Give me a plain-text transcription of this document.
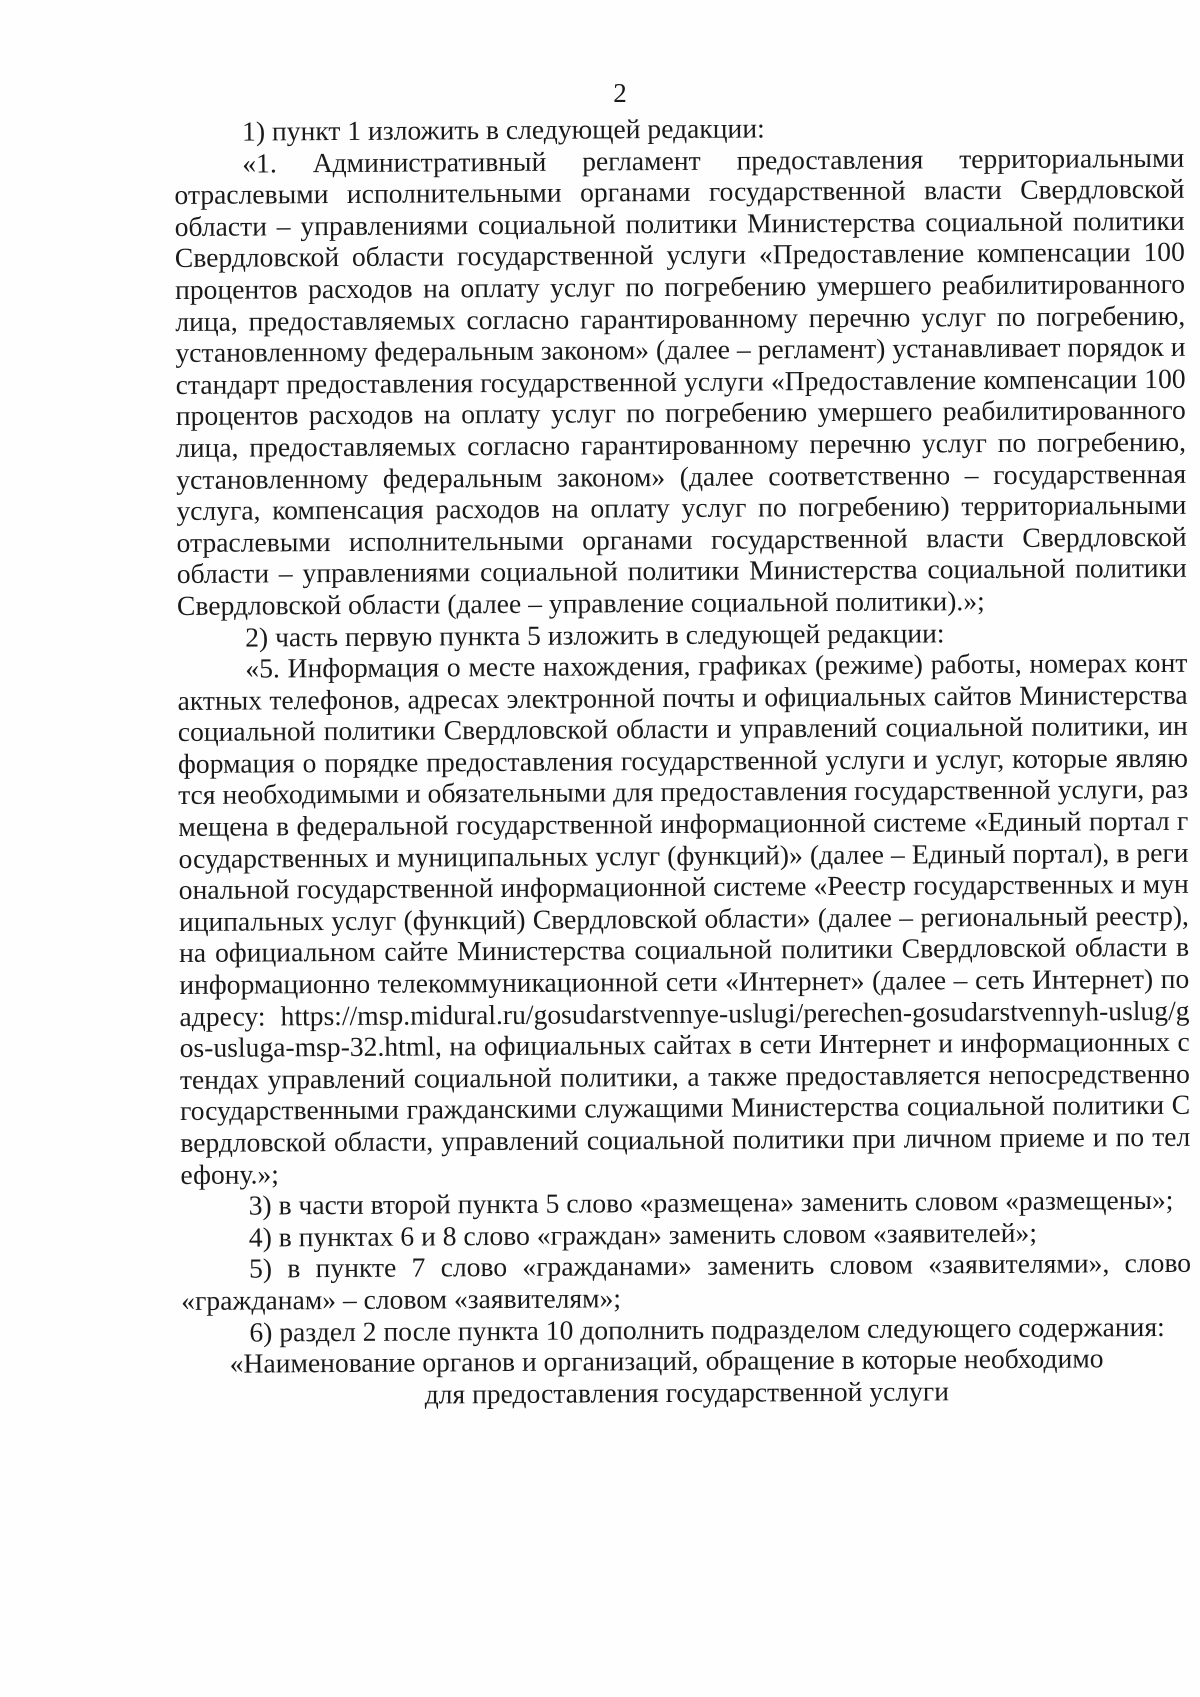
2

1) пункт 1 изложить в следующей редакции:

«1. Административный регламент предоставления территориальными отраслевыми исполнительными органами государственной власти Свердловской области – управлениями социальной политики Министерства социальной политики Свердловской области государственной услуги «Предоставление компенсации 100 процентов расходов на оплату услуг по погребению умершего реабилитированного лица, предоставляемых согласно гарантированному перечню услуг по погребению, установленному федеральным законом» (далее – регламент) устанавливает порядок и стандарт предоставления государственной услуги «Предоставление компенсации 100 процентов расходов на оплату услуг по погребению умершего реабилитированного лица, предоставляемых согласно гарантированному перечню услуг по погребению, установленному федеральным законом» (далее соответственно – государственная услуга, компенсация расходов на оплату услуг по погребению) территориальными отраслевыми исполнительными органами государственной власти Свердловской области – управлениями социальной политики Министерства социальной политики Свердловской области (далее – управление социальной политики).»;

2) часть первую пункта 5 изложить в следующей редакции:

«5. Информация о месте нахождения, графиках (режиме) работы, номерах контактных телефонов, адресах электронной почты и официальных сайтов Министерства социальной политики Свердловской области и управлений социальной политики, информация о порядке предоставления государственной услуги и услуг, которые являются необходимыми и обязательными для предоставления государственной услуги, размещена в федеральной государственной информационной системе «Единый портал государственных и муниципальных услуг (функций)» (далее – Единый портал), в региональной государственной информационной системе «Реестр государственных и муниципальных услуг (функций) Свердловской области» (далее – региональный реестр), на официальном сайте Министерства социальной политики Свердловской области в информационно телекоммуникационной сети «Интернет» (далее – сеть Интернет) по адресу: https://msp.midural.ru/gosudarstvennye-uslugi/perechen-gosudarstvennyh-uslug/gos-usluga-msp-32.html, на официальных сайтах в сети Интернет и информационных стендах управлений социальной политики, а также предоставляется непосредственно государственными гражданскими служащими Министерства социальной политики Свердловской области, управлений социальной политики при личном приеме и по телефону.»;

3) в части второй пункта 5 слово «размещена» заменить словом «размещены»;

4) в пунктах 6 и 8 слово «граждан» заменить словом «заявителей»;

5) в пункте 7 слово «гражданами» заменить словом «заявителями», слово «гражданам» – словом «заявителям»;

6) раздел 2 после пункта 10 дополнить подразделом следующего содержания:

«Наименование органов и организаций, обращение в которые необходимо

для предоставления государственной услуги
